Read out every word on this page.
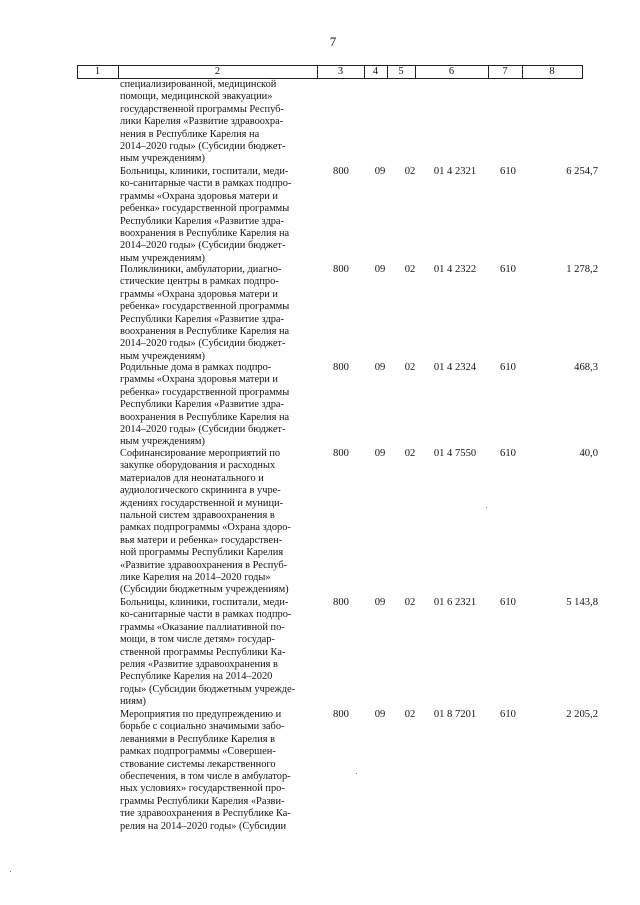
7
1	2	3	4	5	6	7	8
специализированной, медицинской
помощи, медицинской эвакуации»
государственной программы Респуб-
лики Карелия «Развитие здравоохра-
нения в Республике Карелия на
2014–2020 годы» (Субсидии бюджет-
ным учреждениям)
Больницы, клиники, госпитали, меди-
ко-санитарные части в рамках подпро-
граммы «Охрана здоровья матери и
ребенка» государственной программы
Республики Карелия «Развитие здра-
воохранения в Республике Карелия на
2014–2020 годы» (Субсидии бюджет-
ным учреждениям)
800	09	02	01 4 2321	610	6 254,7
Поликлиники, амбулатории, диагно-
стические центры в рамках подпро-
граммы «Охрана здоровья матери и
ребенка» государственной программы
Республики Карелия «Развитие здра-
воохранения в Республике Карелия на
2014–2020 годы» (Субсидии бюджет-
ным учреждениям)
800	09	02	01 4 2322	610	1 278,2
Родильные дома в рамках подпро-
граммы «Охрана здоровья матери и
ребенка» государственной программы
Республики Карелия «Развитие здра-
воохранения в Республике Карелия на
2014–2020 годы» (Субсидии бюджет-
ным учреждениям)
800	09	02	01 4 2324	610	468,3
Софинансирование мероприятий по
закупке оборудования и расходных
материалов для неонатального и
аудиологического скрининга в учре-
ждениях государственной и муници-
пальной систем здравоохранения в
рамках подпрограммы «Охрана здоро-
вья матери и ребенка» государствен-
ной программы Республики Карелия
«Развитие здравоохранения в Респуб-
лике Карелия на 2014–2020 годы»
(Субсидии бюджетным учреждениям)
800	09	02	01 4 7550	610	40,0
Больницы, клиники, госпитали, меди-
ко-санитарные части в рамках подпро-
граммы «Оказание паллиативной по-
мощи, в том числе детям» государ-
ственной программы Республики Ка-
релия «Развитие здравоохранения в
Республике Карелия на 2014–2020
годы» (Субсидии бюджетным учрежде-
ниям)
800	09	02	01 6 2321	610	5 143,8
Мероприятия по предупреждению и
борьбе с социально значимыми забо-
леваниями в Республике Карелия в
рамках подпрограммы «Совершен-
ствование системы лекарственного
обеспечения, в том числе в амбулатор-
ных условиях» государственной про-
граммы Республики Карелия «Разви-
тие здравоохранения в Республике Ка-
релия на 2014–2020 годы» (Субсидии
800	09	02	01 8 7201	610	2 205,2
